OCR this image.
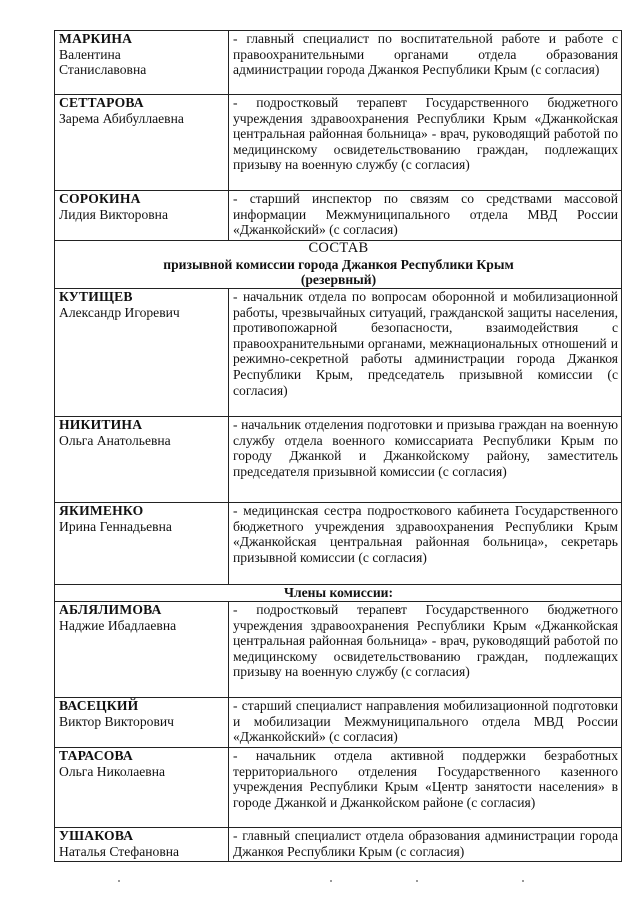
МАРКИНА
Валентина
Станиславовна	- главный специалист по воспитательной работе и работе с правоохранительными органами отдела образования администрации города Джанкоя Республики Крым (с согласия)

СЕТТАРОВА
Зарема Абибуллаевна	- подростковый терапевт Государственного бюджетного учреждения здравоохранения Республики Крым «Джанкойская центральная районная больница» - врач, руководящий работой по медицинскому освидетельствованию граждан, подлежащих призыву на военную службу (с согласия)

СОРОКИНА
Лидия Викторовна	- старший инспектор по связям со средствами массовой информации Межмуниципального отдела МВД России «Джанкойский» (с согласия)

СОСТАВ
призывной комиссии города Джанкоя Республики Крым
(резервный)	

КУТИЩЕВ
Александр Игоревич	- начальник отдела по вопросам оборонной и мобилизационной работы, чрезвычайных ситуаций, гражданской защиты населения, противопожарной безопасности, взаимодействия с правоохранительными органами, межнациональных отношений и режимно-секретной работы администрации города Джанкоя Республики Крым, председатель призывной комиссии (с согласия)

НИКИТИНА
Ольга Анатольевна	- начальник отделения подготовки и призыва граждан на военную службу отдела военного комиссариата Республики Крым по городу Джанкой и Джанкойскому району, заместитель председателя призывной комиссии (с согласия)

ЯКИМЕНКО
Ирина Геннадьевна	- медицинская сестра подросткового кабинета Государственного бюджетного учреждения здравоохранения Республики Крым «Джанкойская центральная районная больница», секретарь призывной комиссии (с согласия)
Члены комиссии:	

АБЛЯЛИМОВА
Наджие Ибадлаевна	- подростковый терапевт Государственного бюджетного учреждения здравоохранения Республики Крым «Джанкойская центральная районная больница» - врач, руководящий работой по медицинскому освидетельствованию граждан, подлежащих призыву на военную службу (с согласия)

ВАСЕЦКИЙ
Виктор Викторович	- старший специалист направления мобилизационной подготовки и мобилизации Межмуниципального отдела МВД России «Джанкойский» (с согласия)

ТАРАСОВА
Ольга Николаевна	- начальник отдела активной поддержки безработных территориального отделения Государственного казенного учреждения Республики Крым «Центр занятости населения» в городе Джанкой и Джанкойском районе (с согласия)

УШАКОВА
Наталья Стефановна	- главный специалист отдела образования администрации города Джанкоя Республики Крым (с согласия)
